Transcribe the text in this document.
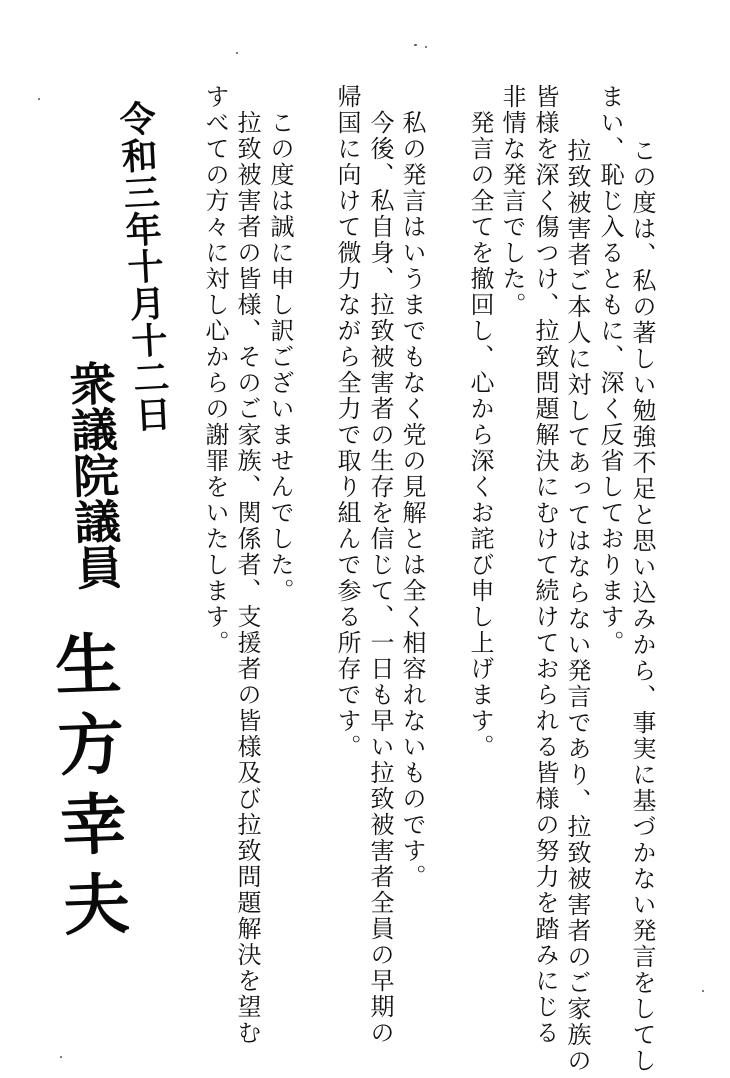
　この度は、私の著しい勉強不足と思い込みから、事実に基づかない発言をしてし
まい、恥じ入るともに、深く反省しております。
　拉致被害者ご本人に対してあってはならない発言であり、拉致被害者のご家族の
皆様を深く傷つけ、拉致問題解決にむけて続けておられる皆様の努力を踏みにじる
非情な発言でした。
　発言の全てを撤回し、心から深くお詫び申し上げます。
　私の発言はいうまでもなく党の見解とは全く相容れないものです。
　今後、私自身、拉致被害者の生存を信じて、一日も早い拉致被害者全員の早期の
帰国に向けて微力ながら全力で取り組んで参る所存です。
　この度は誠に申し訳ございませんでした。
　拉致被害者の皆様、そのご家族、関係者、支援者の皆様及び拉致問題解決を望む
すべての方々に対し心からの謝罪をいたします。
令和三年十月十二日
衆議院議員
生方幸夫
